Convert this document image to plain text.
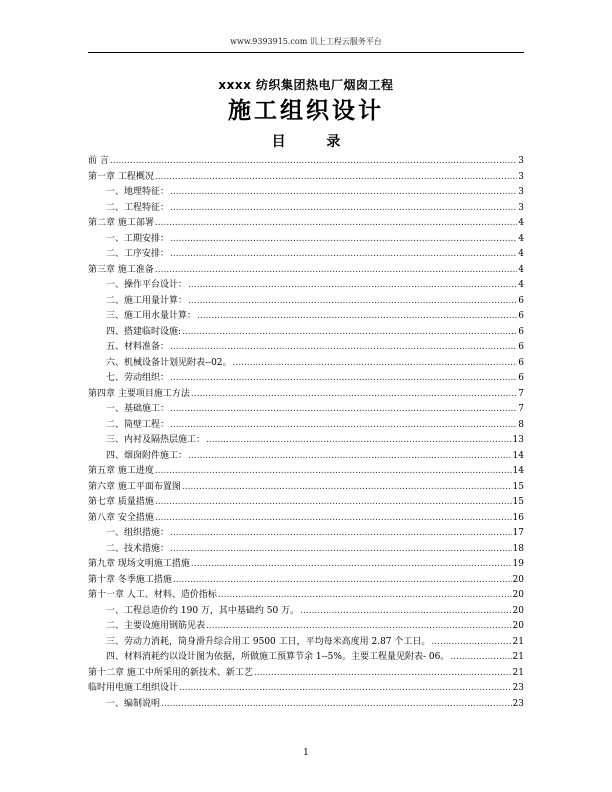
www.9393915.com 讥上工程云服务平台
xxxx 纺织集团热电厂烟囱工程
施工组织设计
目 录
前 言 .....	3
第一章 工程概况 .....	3
一、地理特征： .....	3
二、工程特征： .....	3
第二章 施工部署 .....	4
一、工期安排： .....	4
二、工序安排： .....	4
第三章 施工准备 .....	4
一、操作平台设计： .....	4
二、施工用量计算： .....	6
三、施工用水量计算： .....	6
四、搭建临时设施: .....	6
五、材料准备： .....	6
六、机械设备计划见附表--02。 .....	6
七、劳动组织： .....	6
第四章 主要项目施工方法 .....	7
一、基础施工： .....	7
二、筒壁工程： .....	8
三、内衬及隔热层施工： .....	13
四、烟囱附件施工： .....	14
第五章 施工进度 .....	14
第六章 施工平面布置图 .....	15
第七章 质量措施 .....	15
第八章 安全措施 .....	16
一、组织措施： .....	17
二、技术措施： .....	18
第九章 现场文明施工措施 .....	19
第十章 冬季施工措施 .....	20
第十一章 人工、材料、造价指标 .....	20
一、工程总造价约 190 万，其中基础约 50 万。 .....	20
二、主要设施用钢筋见表 .....	20
三、劳动力消耗，筒身滑升综合用工 9500 工日，平均每米高度用 2.87 个工日。 .....	21
四、材料消耗约以设计图为依据，所做施工预算节余 1--5%。主要工程量见附表- 06。 .....	21
第十二章 施工中所采用的新技术、新工艺 .....	21
临时用电施工组织设计 .....	23
一、编制说明 .....	23
1
